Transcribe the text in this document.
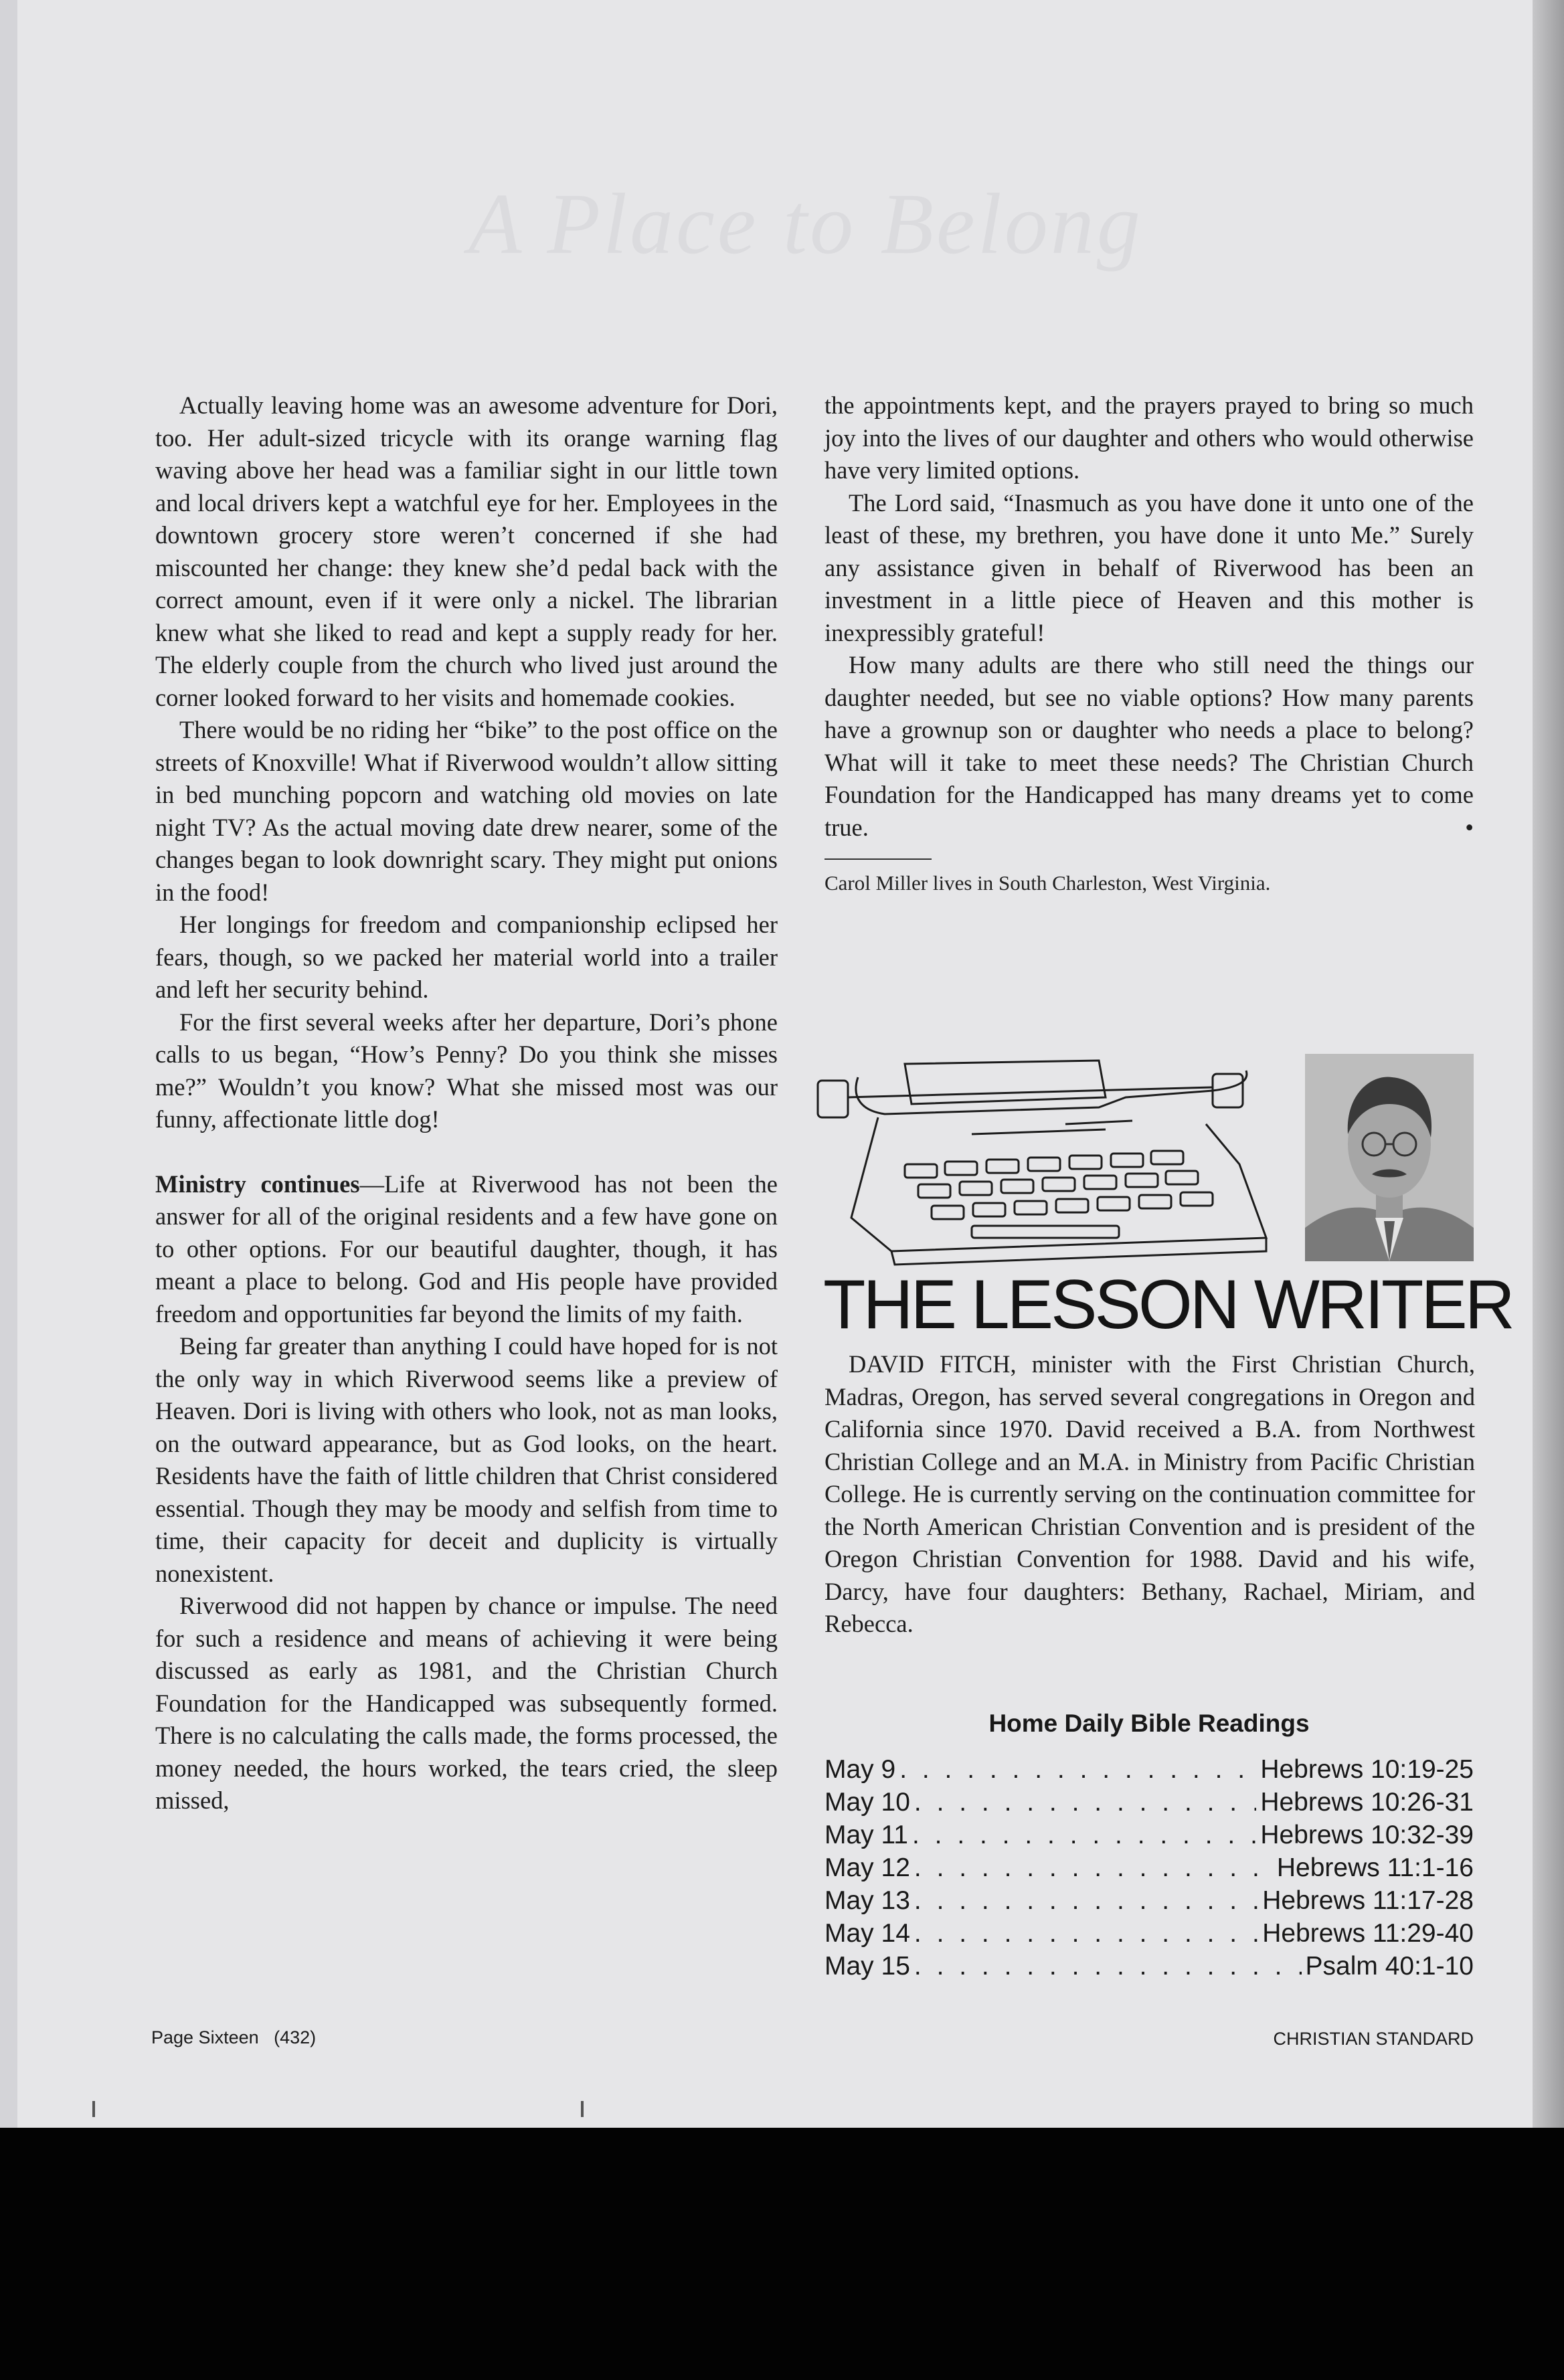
A Place to Belong

Actually leaving home was an awesome adventure for Dori, too. Her adult-sized tricycle with its orange warning flag waving above her head was a familiar sight in our little town and local drivers kept a watchful eye for her. Employees in the downtown grocery store weren’t concerned if she had miscounted her change: they knew she’d pedal back with the correct amount, even if it were only a nickel. The librarian knew what she liked to read and kept a supply ready for her. The elderly couple from the church who lived just around the corner looked forward to her visits and homemade cookies.

There would be no riding her “bike” to the post office on the streets of Knoxville! What if Riverwood wouldn’t allow sitting in bed munching popcorn and watching old movies on late night TV? As the actual moving date drew nearer, some of the changes began to look downright scary. They might put onions in the food!

Her longings for freedom and companionship eclipsed her fears, though, so we packed her material world into a trailer and left her security behind.

For the first several weeks after her departure, Dori’s phone calls to us began, “How’s Penny? Do you think she misses me?” Wouldn’t you know? What she missed most was our funny, affectionate little dog!

Ministry continues—Life at Riverwood has not been the answer for all of the original residents and a few have gone on to other options. For our beautiful daughter, though, it has meant a place to belong. God and His people have provided freedom and opportunities far beyond the limits of my faith.

Being far greater than anything I could have hoped for is not the only way in which Riverwood seems like a preview of Heaven. Dori is living with others who look, not as man looks, on the outward appearance, but as God looks, on the heart. Residents have the faith of little children that Christ considered essential. Though they may be moody and selfish from time to time, their capacity for deceit and duplicity is virtually nonexistent.

Riverwood did not happen by chance or impulse. The need for such a residence and means of achieving it were being discussed as early as 1981, and the Christian Church Foundation for the Handicapped was subsequently formed. There is no calculating the calls made, the forms processed, the money needed, the hours worked, the tears cried, the sleep missed,

the appointments kept, and the prayers prayed to bring so much joy into the lives of our daughter and others who would otherwise have very limited options.

The Lord said, “Inasmuch as you have done it unto one of the least of these, my brethren, you have done it unto Me.” Surely any assistance given in behalf of Riverwood has been an investment in a little piece of Heaven and this mother is inexpressibly grateful!

How many adults are there who still need the things our daughter needed, but see no viable options? How many parents have a grownup son or daughter who needs a place to belong? What will it take to meet these needs? The Christian Church Foundation for the Handicapped has many dreams yet to come true.	•

Carol Miller lives in South Charleston, West Virginia.

THE LESSON WRITER

DAVID FITCH, minister with the First Christian Church, Madras, Oregon, has served several congregations in Oregon and California since 1970. David received a B.A. from Northwest Christian College and an M.A. in Ministry from Pacific Christian College. He is currently serving on the continuation committee for the North American Christian Convention and is president of the Oregon Christian Convention for 1988. David and his wife, Darcy, have four daughters: Bethany, Rachael, Miriam, and Rebecca.

Home Daily Bible Readings
May 9 . . .	Hebrews 10:19-25
May 10 . . .	Hebrews 10:26-31
May 11 . . .	Hebrews 10:32-39
May 12 . . .	Hebrews 11:1-16
May 13 . . .	Hebrews 11:17-28
May 14 . . .	Hebrews 11:29-40
May 15 . . .	Psalm 40:1-10
Page Sixteen   (432)	CHRISTIAN STANDARD
